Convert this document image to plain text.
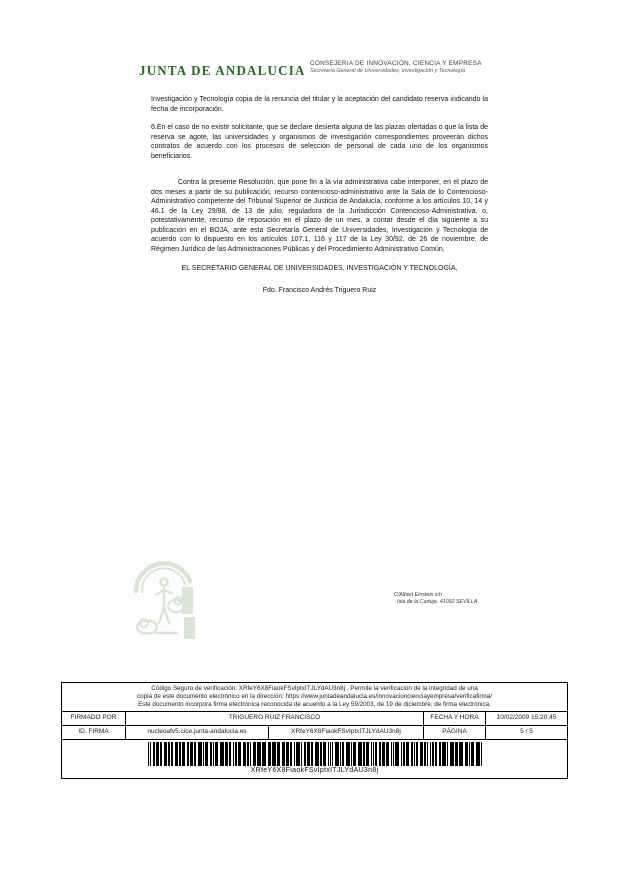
JUNTA DE ANDALUCIA CONSEJERIA DE INNOVACION, CIENCIA Y EMPRESA
Secretaría General de Universidades, Investigación y Tecnología
Investigación y Tecnología copia de la renuncia del titular y la aceptación del candidato reserva indicando la fecha de incorporación.
6.En el caso de no existir solicitante, que se declare desierta alguna de las plazas ofertadas o que la lista de reserva se agote, las universidades y organismos de investigación correspondientes proveerán dichos contratos de acuerdo con los procesos de selección de personal de cada uno de los organismos beneficiarios.
Contra la presente Resolución, que pone fin a la vía administrativa cabe interponer, en el plazo de dos meses a partir de su publicación, recurso contencioso-administrativo ante la Sala de lo Contencioso-Administrativo competente del Tribunal Superior de Justicia de Andalucía, conforme a los artículos 10, 14 y 46.1 de la Ley 29/98, de 13 de julio, reguladora de la Jurisdicción Contencioso-Administrativa, o, potestativamente, recurso de reposición en el plazo de un mes, a contar desde el día siguiente a su publicación en el BOJA, ante esta Secretaría General de Universidades, Investigación y Tecnología de acuerdo con lo dispuesto en los artículos 107.1, 116 y 117 de la Ley 30/92, de 26 de noviembre, de Régimen Jurídico de las Administraciones Públicas y del Procedimiento Administrativo Común.
EL SECRETARIO GENERAL DE UNIVERSIDADES, INVESTIGACIÓN Y TECNOLOGÍA,
Fdo. Francisco Andrés Triguero Ruiz
C/Albert Einstein s/n
Isla de la Cartuja. 41092 SEVILLA
Código Seguro de verificación: XRfeY6X8FiaokFSvIptxITJLYdAU3n8j . Permite la verificación de la integridad de una
copia de este documento electrónico en la dirección: https://www.juntadeandalucia.es/innovacioncienciayempresa/verificafirma/
Este documento incorpora firma electrónica reconocida de acuerdo a la Ley 59/2003, de 19 de diciembre, de firma electrónica.
FIRMADO POR	TRIGUERO RUIZ FRANCISCO	FECHA Y HORA	10/02/2009 15:20:45
ID. FIRMA	nucleoafv5.cice.junta-andalucia.es	XRfeY6X8FiaokFSvIptxITJLYdAU3n8j	PÁGINA	5 / 5
XRfeY6X8FiaokFSvIptxITJLYdAU3n8j
